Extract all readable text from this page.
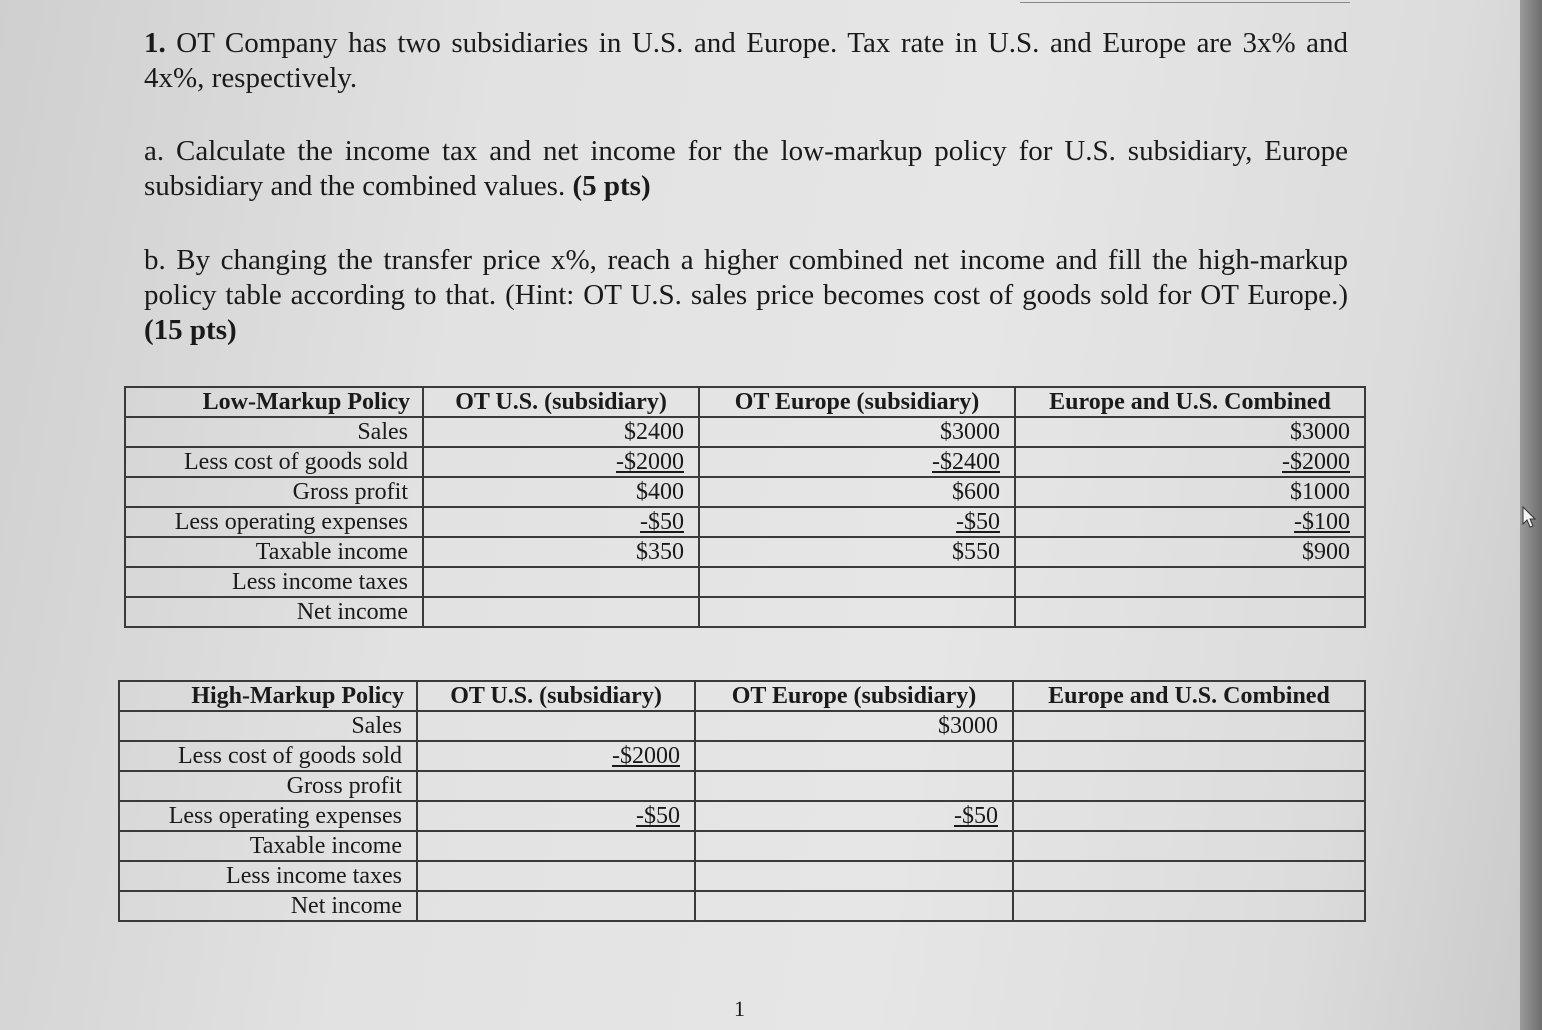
1. OT Company has two subsidiaries in U.S. and Europe. Tax rate in U.S. and Europe are 3x% and 4x%, respectively.
a. Calculate the income tax and net income for the low-markup policy for U.S. subsidiary, Europe subsidiary and the combined values. (5 pts)
b. By changing the transfer price x%, reach a higher combined net income and fill the high-markup policy table according to that. (Hint: OT U.S. sales price becomes cost of goods sold for OT Europe.) (15 pts)
Low-Markup Policy	OT U.S. (subsidiary)	OT Europe (subsidiary)	Europe and U.S. Combined
Sales	$2400	$3000	$3000
Less cost of goods sold	-$2000	-$2400	-$2000
Gross profit	$400	$600	$1000
Less operating expenses	-$50	-$50	-$100
Taxable income	$350	$550	$900
Less income taxes			
Net income			
High-Markup Policy	OT U.S. (subsidiary)	OT Europe (subsidiary)	Europe and U.S. Combined
Sales		$3000	
Less cost of goods sold	-$2000		
Gross profit			
Less operating expenses	-$50	-$50	
Taxable income			
Less income taxes			
Net income			
1
